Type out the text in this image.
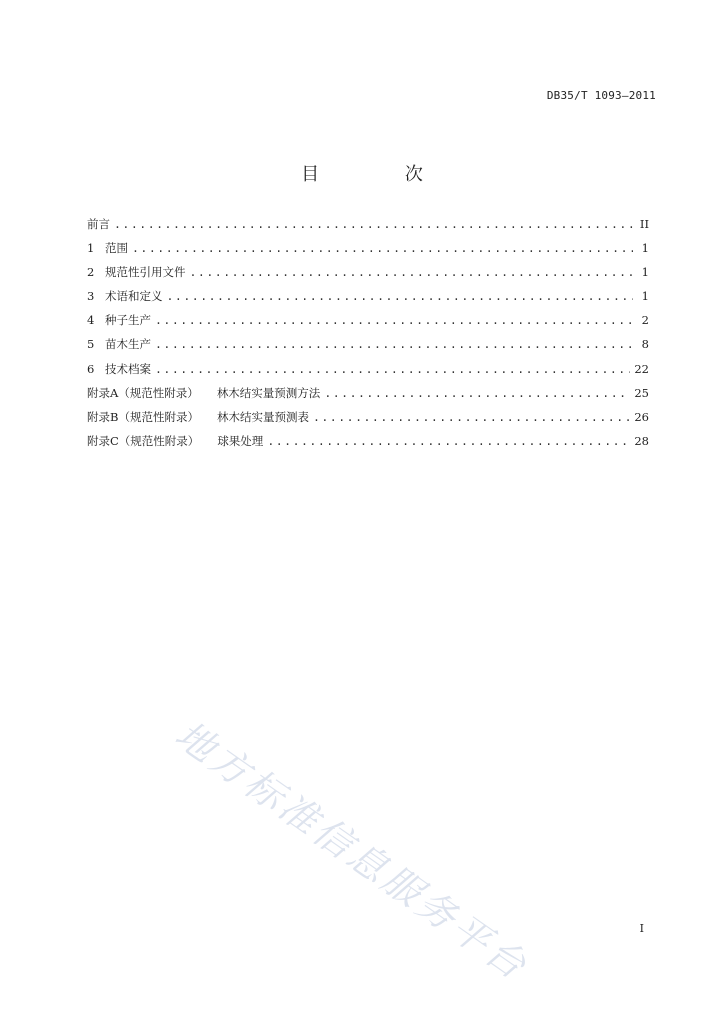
DB35/T 1093—2011
目 次
前言 .....	II
1 范围 .....	1
2 规范性引用文件 .....	1
3 术语和定义 .....	1
4 种子生产 .....	2
5 苗木生产 .....	8
6 技术档案 .....	22
附录A（规范性附录） 林木结实量预测方法 .....	25
附录B（规范性附录） 林木结实量预测表 .....	26
附录C（规范性附录） 球果处理 .....	28
地方标准信息服务平台	I
